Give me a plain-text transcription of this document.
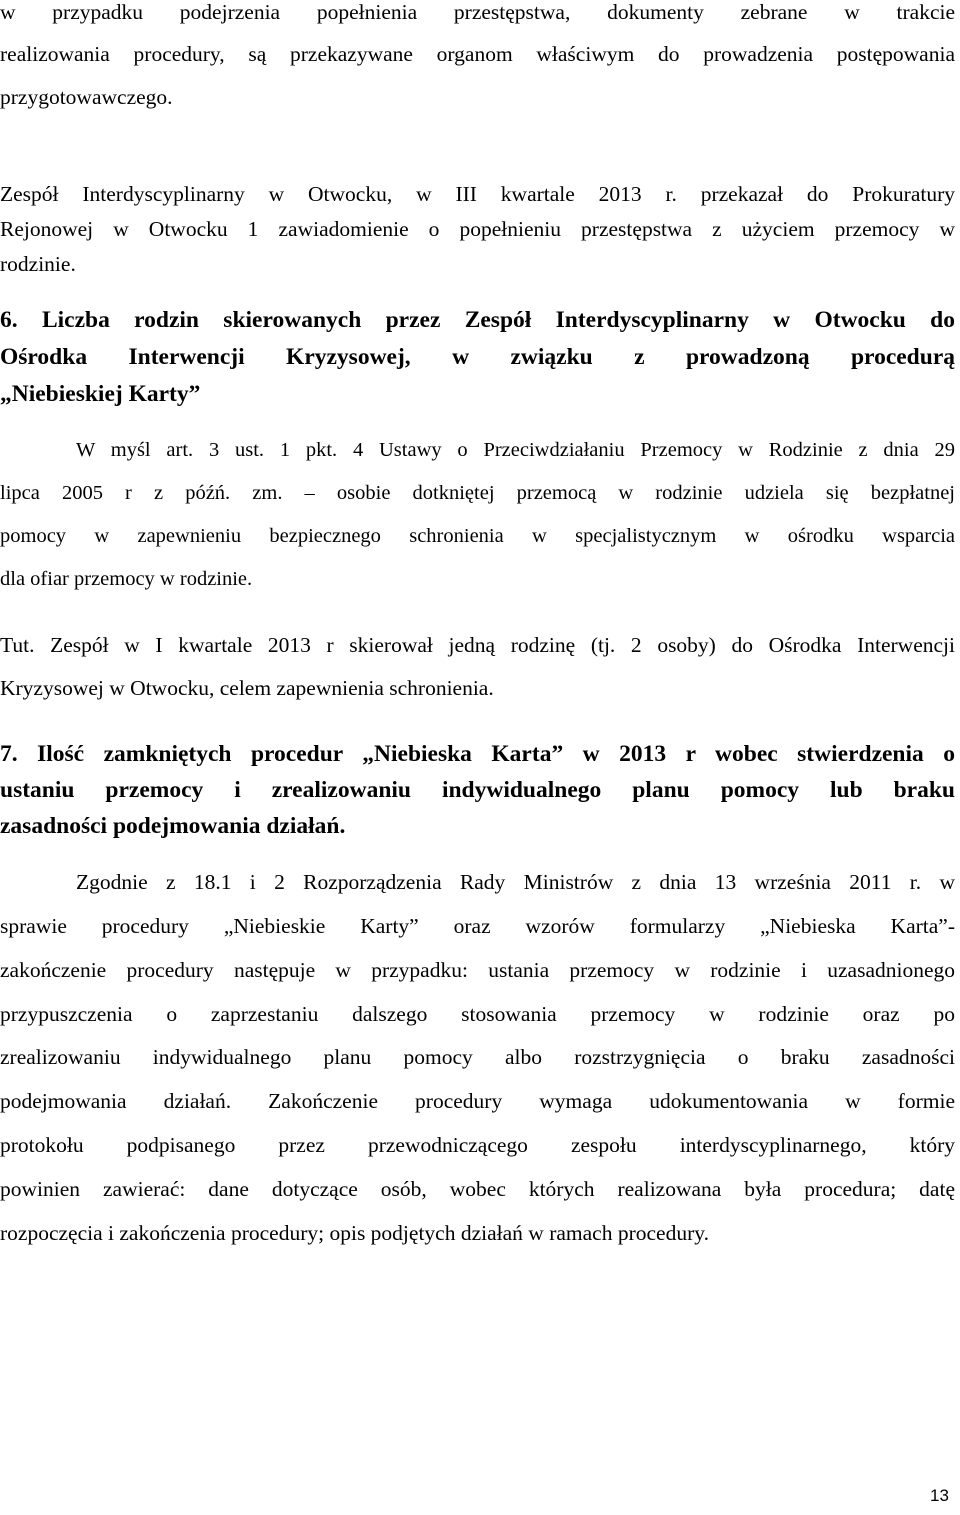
w przypadku podejrzenia popełnienia przestępstwa, dokumenty zebrane w trakcie
realizowania procedury, są przekazywane organom właściwym do prowadzenia postępowania
przygotowawczego.
Zespół Interdyscyplinarny w Otwocku, w III kwartale 2013 r. przekazał do Prokuratury
Rejonowej w Otwocku 1 zawiadomienie o popełnieniu przestępstwa z użyciem przemocy w
rodzinie.
6. Liczba rodzin skierowanych przez Zespół Interdyscyplinarny w Otwocku do
Ośrodka Interwencji Kryzysowej, w związku z prowadzoną procedurą
„Niebieskiej Karty”
W myśl art. 3 ust. 1 pkt. 4 Ustawy o Przeciwdziałaniu Przemocy w Rodzinie z dnia 29
lipca 2005 r z późń. zm. – osobie dotkniętej przemocą w rodzinie udziela się bezpłatnej
pomocy w zapewnieniu bezpiecznego schronienia w specjalistycznym w ośrodku wsparcia
dla ofiar przemocy w rodzinie.
Tut. Zespół w I kwartale 2013 r skierował jedną rodzinę (tj. 2 osoby) do Ośrodka Interwencji
Kryzysowej w Otwocku, celem zapewnienia schronienia.
7. Ilość zamkniętych procedur „Niebieska Karta” w 2013 r wobec stwierdzenia o
ustaniu przemocy i zrealizowaniu indywidualnego planu pomocy lub braku
zasadności podejmowania działań.
Zgodnie z 18.1 i 2 Rozporządzenia Rady Ministrów z dnia 13 września 2011 r. w
sprawie procedury „Niebieskie Karty” oraz wzorów formularzy „Niebieska Karta”-
zakończenie procedury następuje w przypadku: ustania przemocy w rodzinie i uzasadnionego
przypuszczenia o zaprzestaniu dalszego stosowania przemocy w rodzinie oraz po
zrealizowaniu indywidualnego planu pomocy albo rozstrzygnięcia o braku zasadności
podejmowania działań. Zakończenie procedury wymaga udokumentowania w formie
protokołu podpisanego przez przewodniczącego zespołu interdyscyplinarnego, który
powinien zawierać: dane dotyczące osób, wobec których realizowana była procedura; datę
rozpoczęcia i zakończenia procedury; opis podjętych działań w ramach procedury.
13
